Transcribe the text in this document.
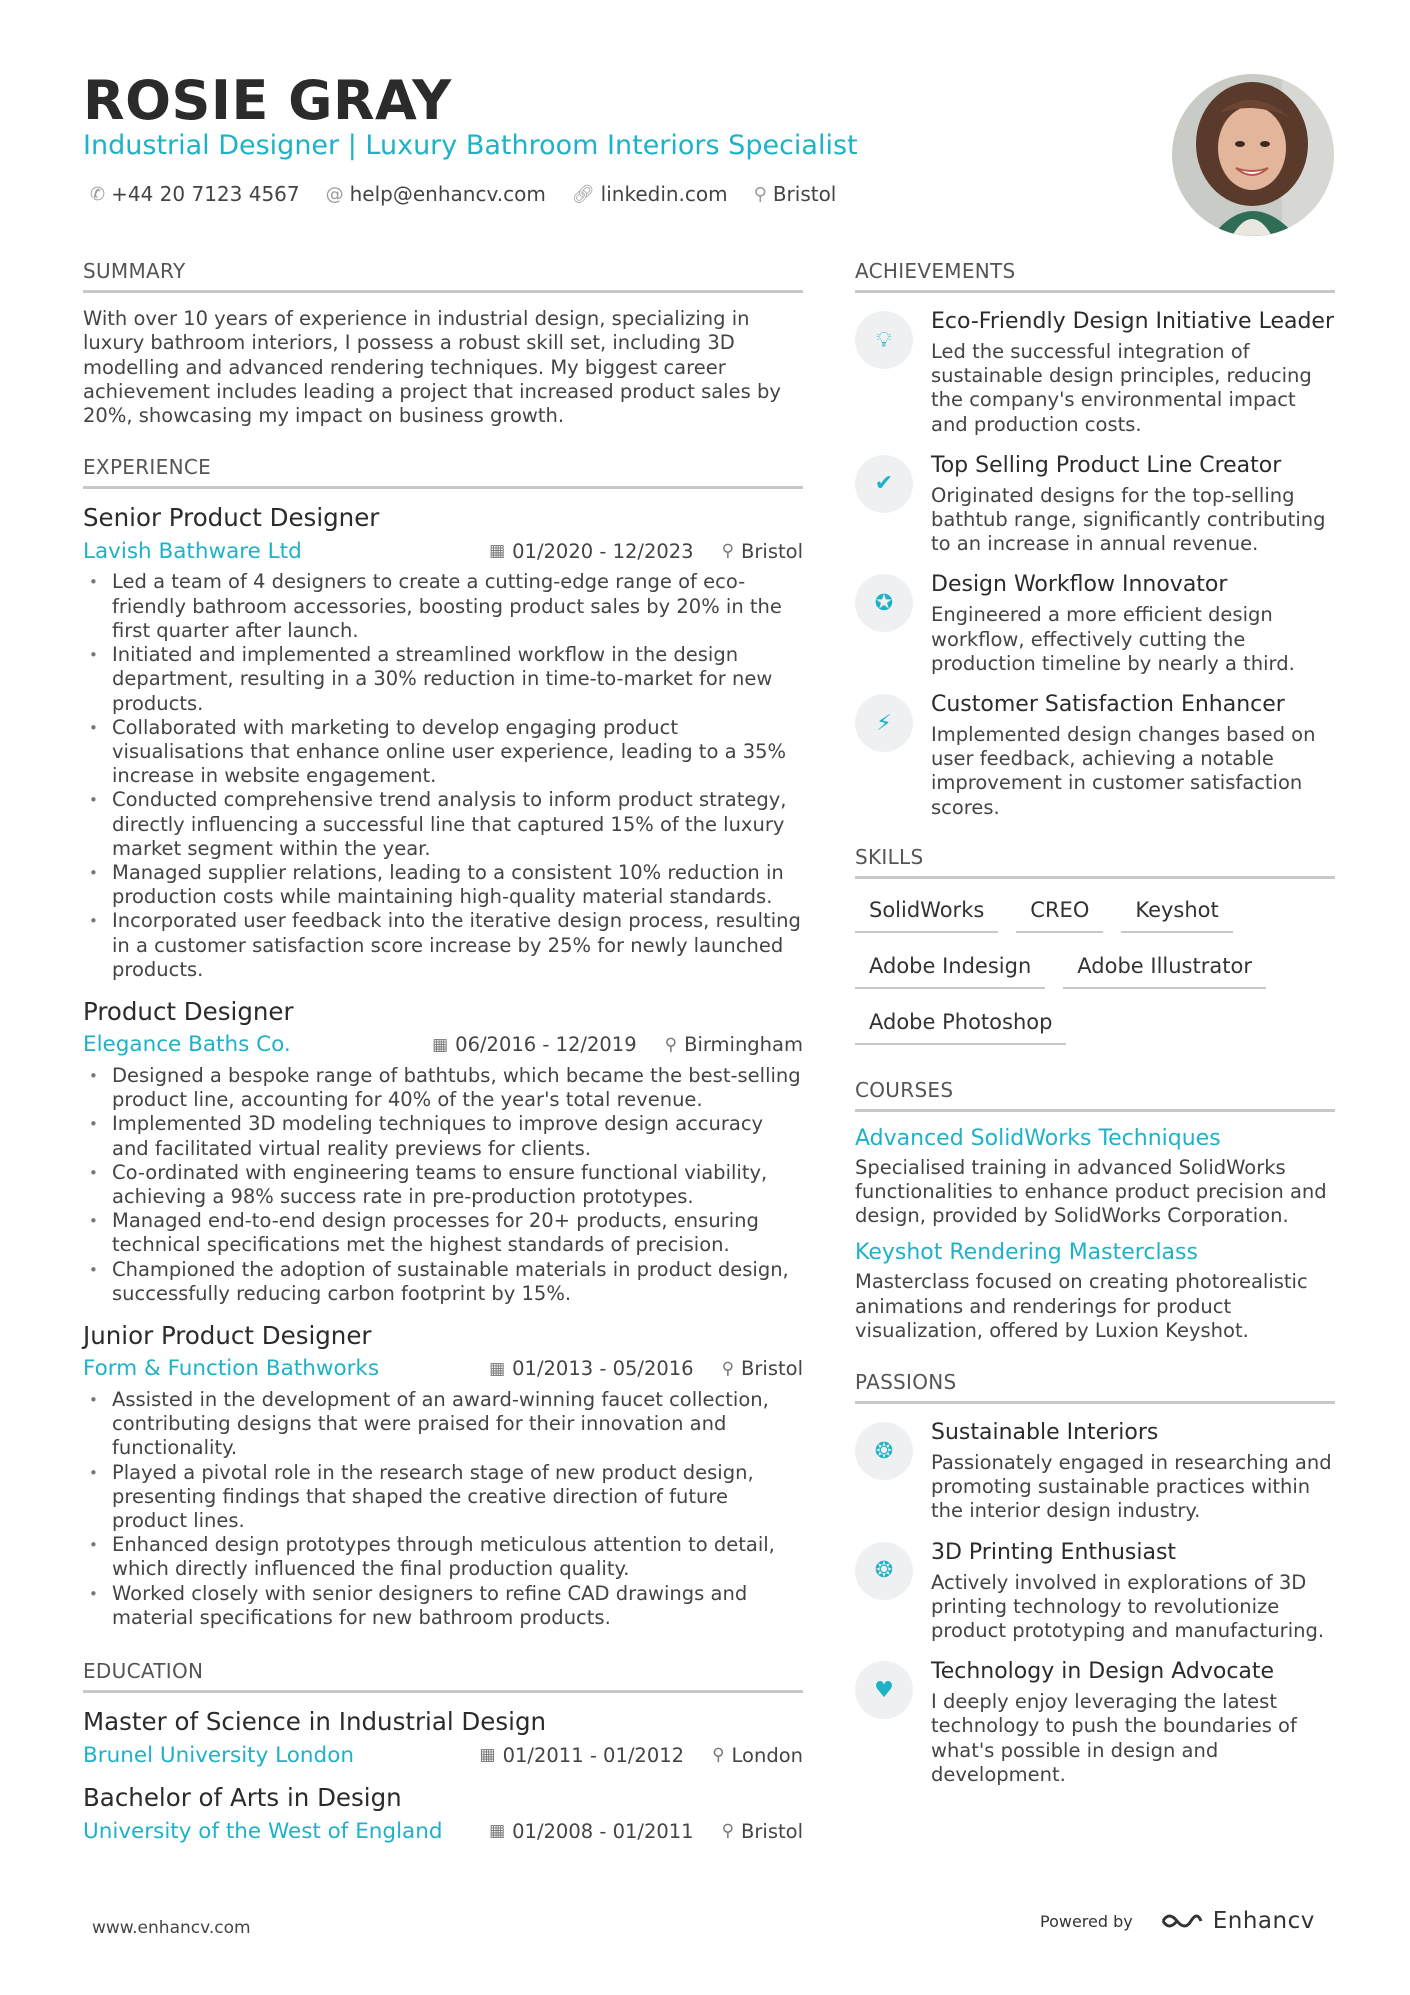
ROSIE GRAY
Industrial Designer | Luxury Bathroom Interiors Specialist
✆ +44 20 7123 4567 @ help@enhancv.com 🔗︎ linkedin.com ⚲ Bristol
SUMMARY
With over 10 years of experience in industrial design, specializing in luxury bathroom interiors, I possess a robust skill set, including 3D modelling and advanced rendering techniques. My biggest career achievement includes leading a project that increased product sales by 20%, showcasing my impact on business growth.
EXPERIENCE
Senior Product Designer
Lavish Bathware Ltd	▦ 01/2020 - 12/2023 ⚲ Bristol
• Led a team of 4 designers to create a cutting-edge range of eco-friendly bathroom accessories, boosting product sales by 20% in the first quarter after launch.
• Initiated and implemented a streamlined workflow in the design department, resulting in a 30% reduction in time-to-market for new products.
• Collaborated with marketing to develop engaging product visualisations that enhance online user experience, leading to a 35% increase in website engagement.
• Conducted comprehensive trend analysis to inform product strategy, directly influencing a successful line that captured 15% of the luxury market segment within the year.
• Managed supplier relations, leading to a consistent 10% reduction in production costs while maintaining high-quality material standards.
• Incorporated user feedback into the iterative design process, resulting in a customer satisfaction score increase by 25% for newly launched products.
Product Designer
Elegance Baths Co.	▦ 06/2016 - 12/2019 ⚲ Birmingham
• Designed a bespoke range of bathtubs, which became the best-selling product line, accounting for 40% of the year's total revenue.
• Implemented 3D modeling techniques to improve design accuracy and facilitated virtual reality previews for clients.
• Co-ordinated with engineering teams to ensure functional viability, achieving a 98% success rate in pre-production prototypes.
• Managed end-to-end design processes for 20+ products, ensuring technical specifications met the highest standards of precision.
• Championed the adoption of sustainable materials in product design, successfully reducing carbon footprint by 15%.
Junior Product Designer
Form & Function Bathworks	▦ 01/2013 - 05/2016 ⚲ Bristol
• Assisted in the development of an award-winning faucet collection, contributing designs that were praised for their innovation and functionality.
• Played a pivotal role in the research stage of new product design, presenting findings that shaped the creative direction of future product lines.
• Enhanced design prototypes through meticulous attention to detail, which directly influenced the final production quality.
• Worked closely with senior designers to refine CAD drawings and material specifications for new bathroom products.
EDUCATION
Master of Science in Industrial Design
Brunel University London	▦ 01/2011 - 01/2012 ⚲ London
Bachelor of Arts in Design
University of the West of England	▦ 01/2008 - 01/2011 ⚲ Bristol
ACHIEVEMENTS
💡︎
Eco-Friendly Design Initiative Leader
Led the successful integration of sustainable design principles, reducing the company's environmental impact and production costs.
✔
Top Selling Product Line Creator
Originated designs for the top-selling bathtub range, significantly contributing to an increase in annual revenue.
✪
Design Workflow Innovator
Engineered a more efficient design workflow, effectively cutting the production timeline by nearly a third.
⚡︎
Customer Satisfaction Enhancer
Implemented design changes based on user feedback, achieving a notable improvement in customer satisfaction scores.
SKILLS
SolidWorks	CREO	Keyshot
Adobe Indesign	Adobe Illustrator
Adobe Photoshop
COURSES
Advanced SolidWorks Techniques
Specialised training in advanced SolidWorks functionalities to enhance product precision and design, provided by SolidWorks Corporation.
Keyshot Rendering Masterclass
Masterclass focused on creating photorealistic animations and renderings for product visualization, offered by Luxion Keyshot.
PASSIONS
❂
Sustainable Interiors
Passionately engaged in researching and promoting sustainable practices within the interior design industry.
❂
3D Printing Enthusiast
Actively involved in explorations of 3D printing technology to revolutionize product prototyping and manufacturing.
♥
Technology in Design Advocate
I deeply enjoy leveraging the latest technology to push the boundaries of what's possible in design and development.
www.enhancv.com	Powered by	Enhancv
